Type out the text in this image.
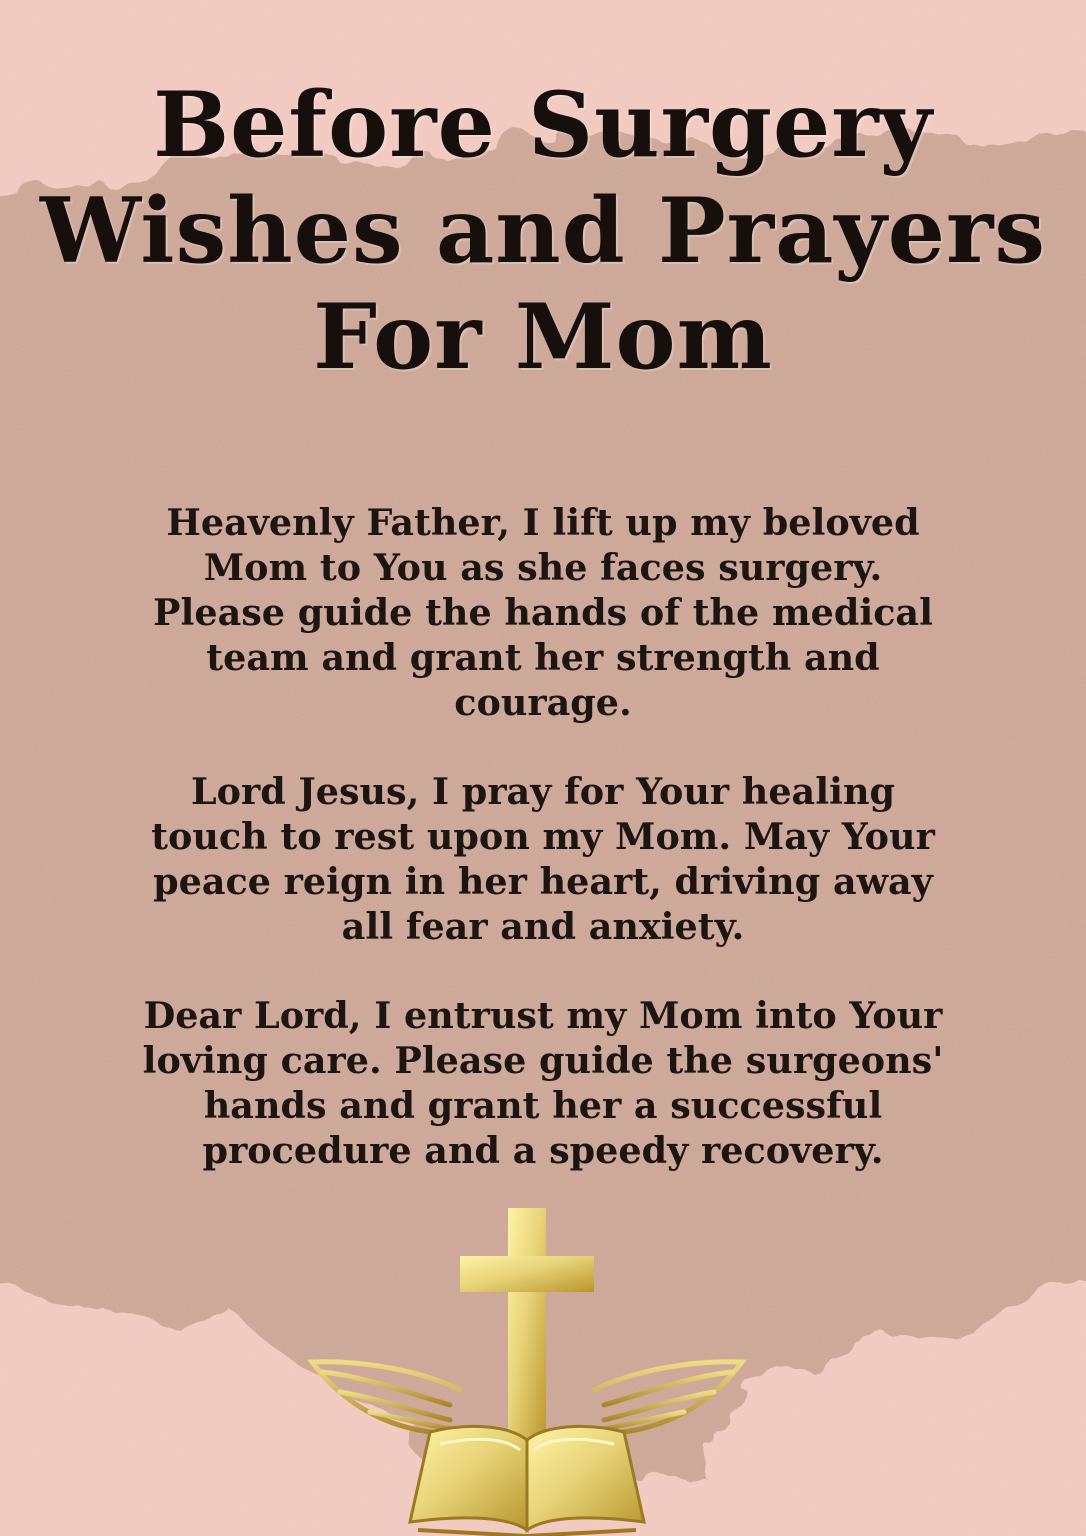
Before Surgery
Wishes and Prayers
For Mom
Heavenly Father, I lift up my beloved
Mom to You as she faces surgery.
Please guide the hands of the medical
team and grant her strength and
courage.
Lord Jesus, I pray for Your healing
touch to rest upon my Mom. May Your
peace reign in her heart, driving away
all fear and anxiety.
Dear Lord, I entrust my Mom into Your
loving care. Please guide the surgeons'
hands and grant her a successful
procedure and a speedy recovery.
